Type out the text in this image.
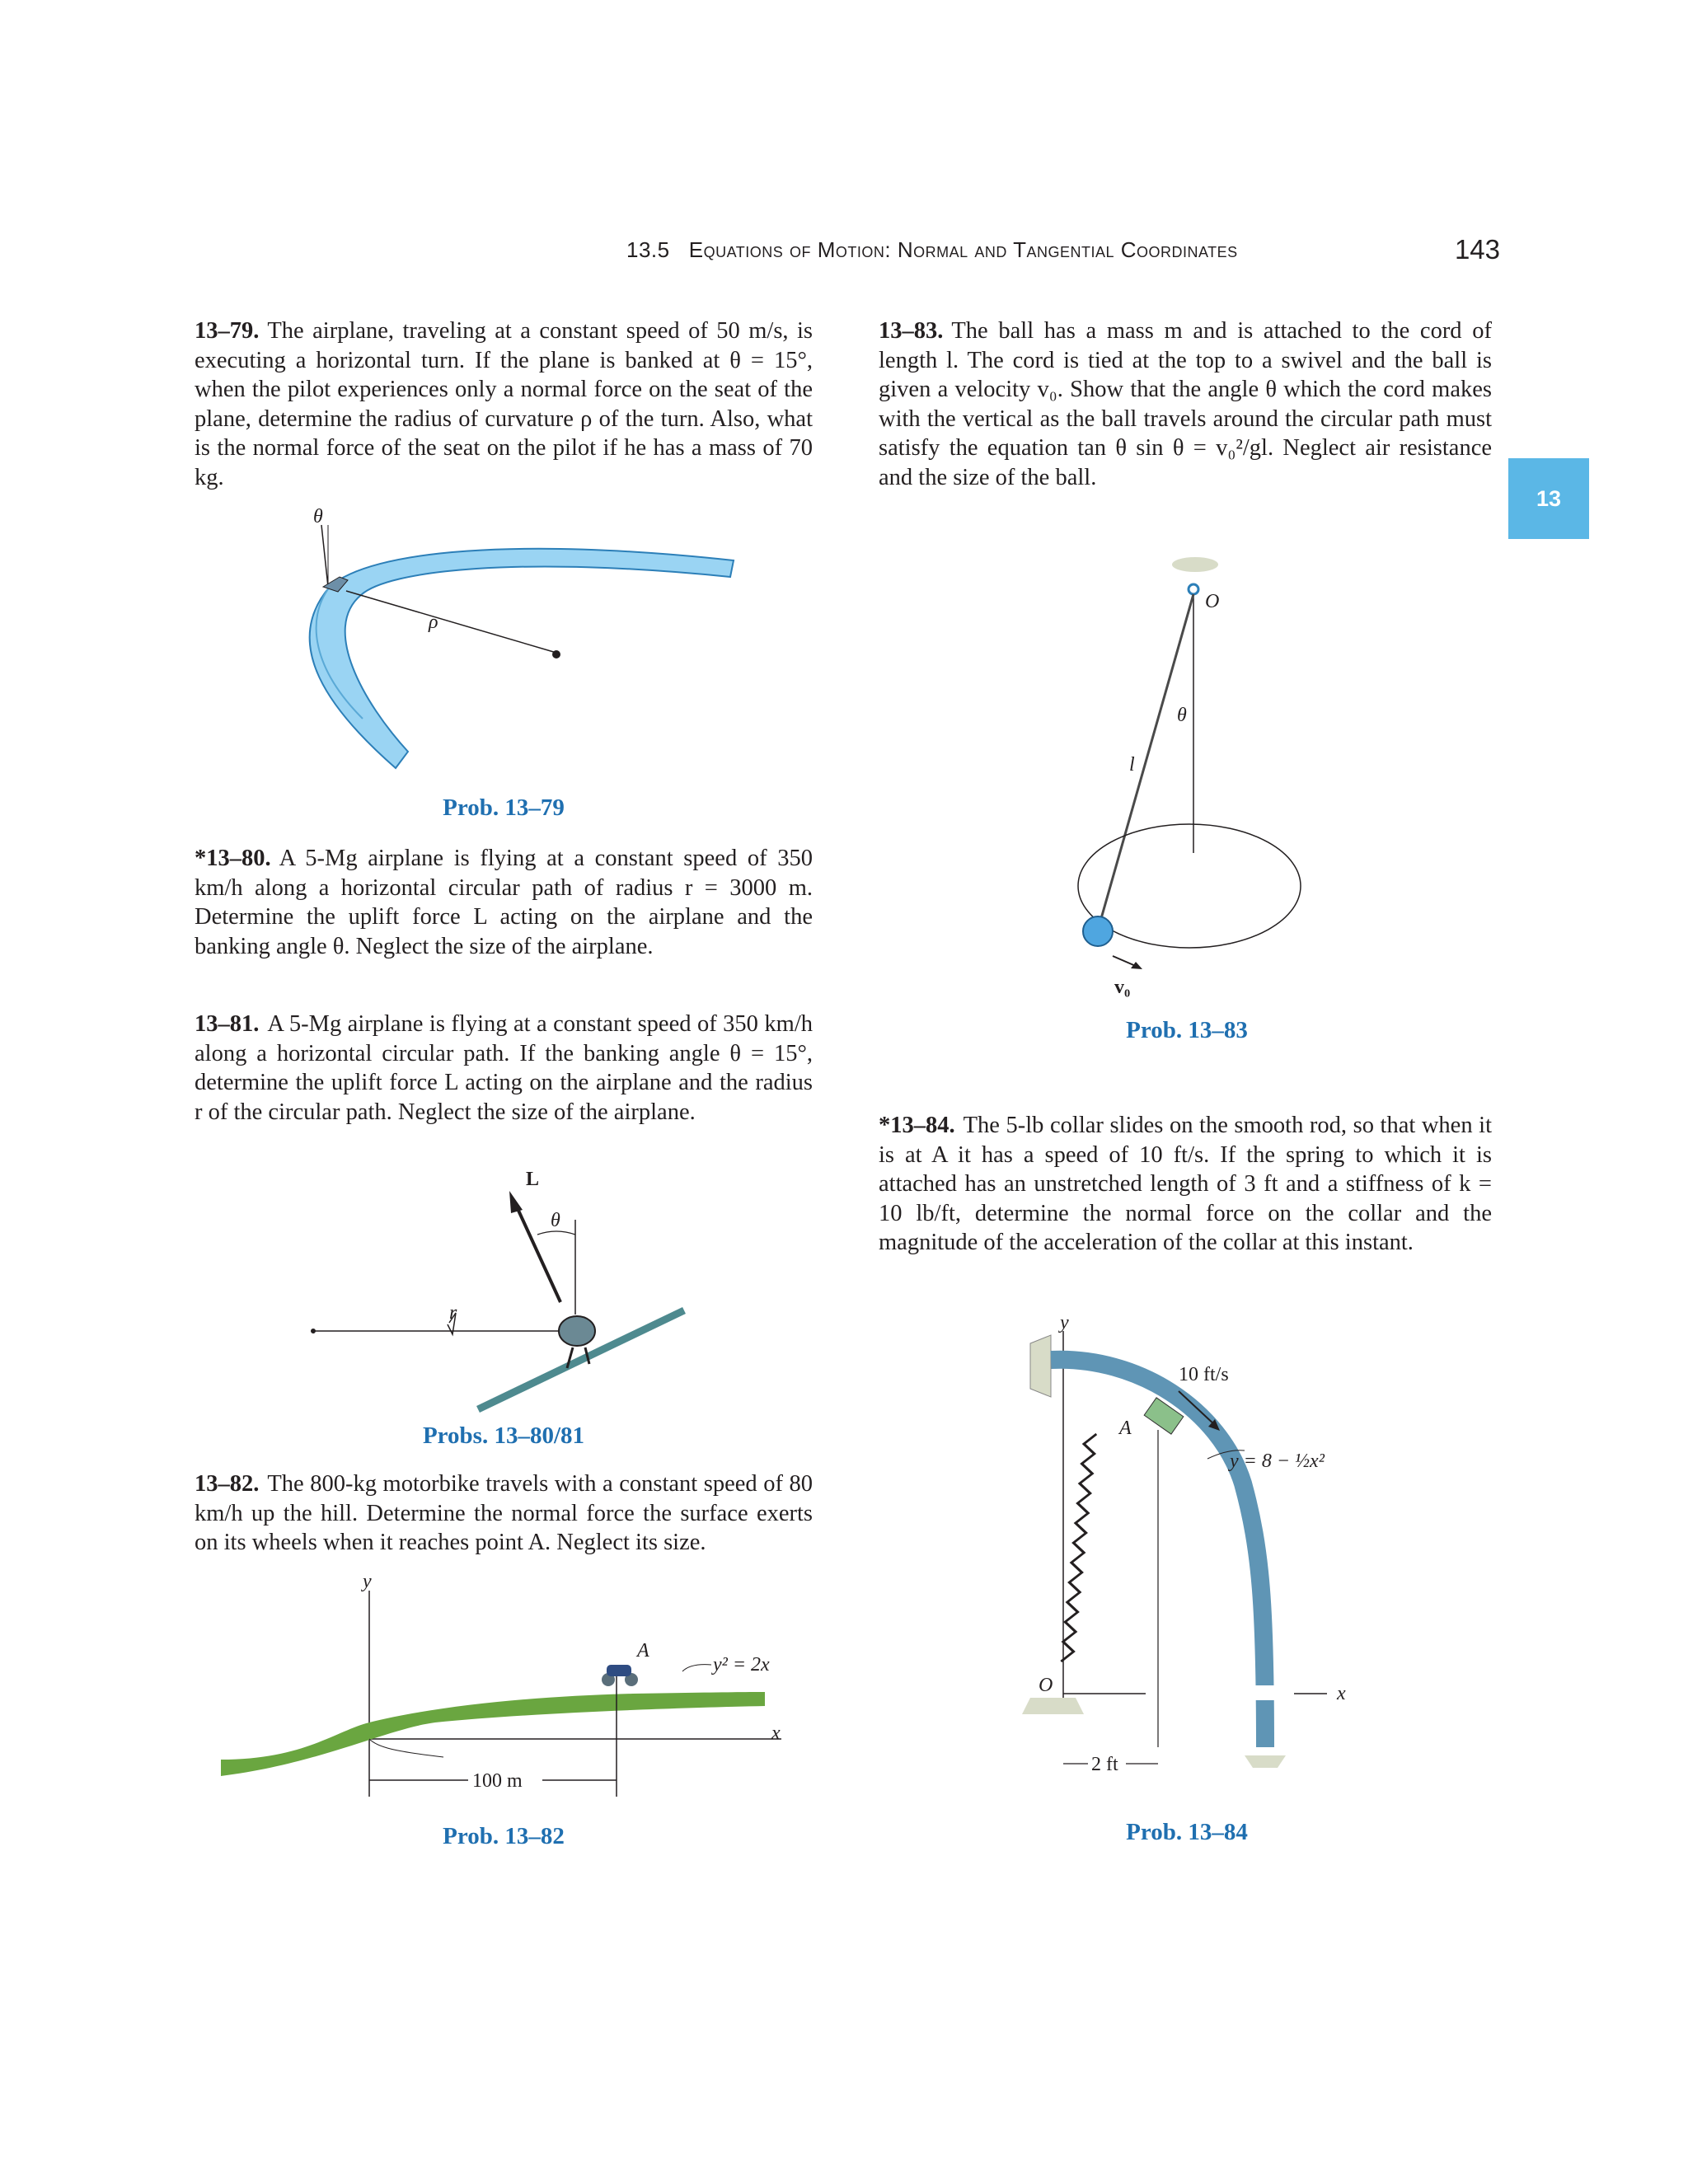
13.5 Equations of Motion: Normal and Tangential Coordinates	143
13
13–79. The airplane, traveling at a constant speed of 50 m/s, is executing a horizontal turn. If the plane is banked at θ = 15°, when the pilot experiences only a normal force on the seat of the plane, determine the radius of curvature ρ of the turn. Also, what is the normal force of the seat on the pilot if he has a mass of 70 kg.
θ
ρ
Prob. 13–79
*13–80. A 5-Mg airplane is flying at a constant speed of 350 km/h along a horizontal circular path of radius r = 3000 m. Determine the uplift force L acting on the airplane and the banking angle θ. Neglect the size of the airplane.
13–81. A 5-Mg airplane is flying at a constant speed of 350 km/h along a horizontal circular path. If the banking angle θ = 15°, determine the uplift force L acting on the airplane and the radius r of the circular path. Neglect the size of the airplane.
L
θ
r
Probs. 13–80/81
13–82. The 800-kg motorbike travels with a constant speed of 80 km/h up the hill. Determine the normal force the surface exerts on its wheels when it reaches point A. Neglect its size.
y
x
A
y² = 2x
100 m
Prob. 13–82
13–83. The ball has a mass m and is attached to the cord of length l. The cord is tied at the top to a swivel and the ball is given a velocity v₀. Show that the angle θ which the cord makes with the vertical as the ball travels around the circular path must satisfy the equation tan θ sin θ = v₀²/gl. Neglect air resistance and the size of the ball.
O
θ
l
v₀
Prob. 13–83
*13–84. The 5-lb collar slides on the smooth rod, so that when it is at A it has a speed of 10 ft/s. If the spring to which it is attached has an unstretched length of 3 ft and a stiffness of k = 10 lb/ft, determine the normal force on the collar and the magnitude of the acceleration of the collar at this instant.
y
x
O
A
10 ft/s
y = 8 − ½x²
2 ft
Prob. 13–84
